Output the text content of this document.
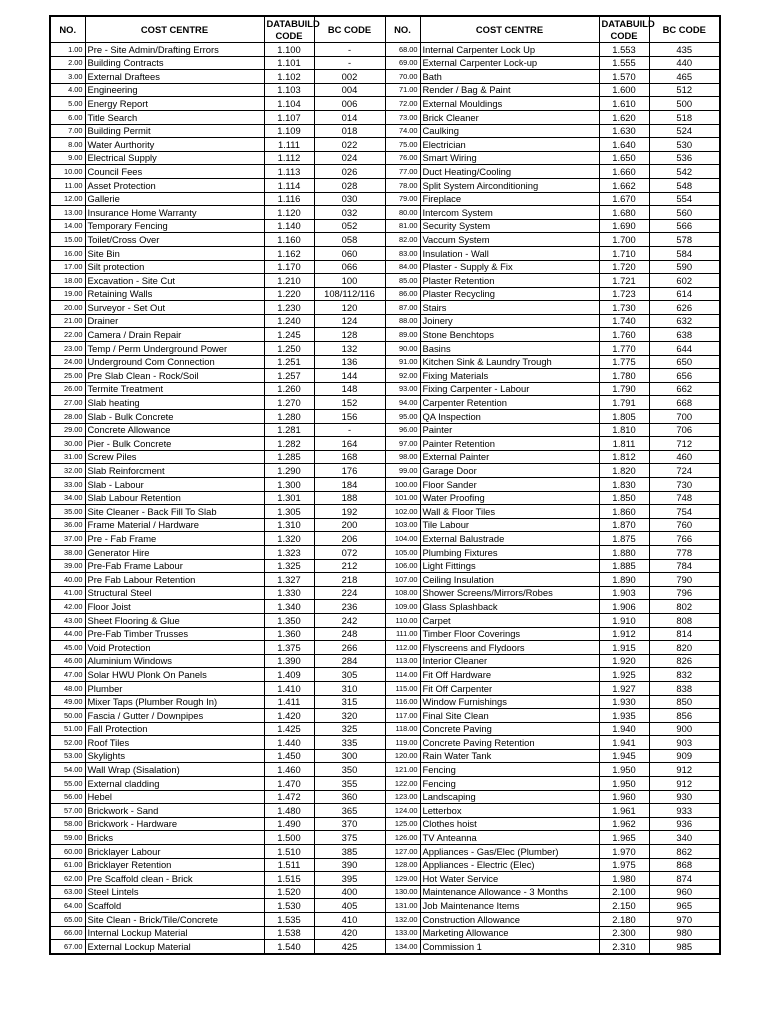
NO.	COST CENTRE	DATABUILD CODE	BC CODE	NO.	COST CENTRE	DATABUILD CODE	BC CODE
1.00	Pre - Site Admin/Drafting Errors	1.100	-	68.00	Internal Carpenter Lock Up	1.553	435
2.00	Building Contracts	1.101	-	69.00	External Carpenter Lock-up	1.555	440
3.00	External Draftees	1.102	002	70.00	Bath	1.570	465
4.00	Engineering	1.103	004	71.00	Render / Bag & Paint	1.600	512
5.00	Energy Report	1.104	006	72.00	External Mouldings	1.610	500
6.00	Title Search	1.107	014	73.00	Brick Cleaner	1.620	518
7.00	Building Permit	1.109	018	74.00	Caulking	1.630	524
8.00	Water Aurthority	1.111	022	75.00	Electrician	1.640	530
9.00	Electrical Supply	1.112	024	76.00	Smart Wiring	1.650	536
10.00	Council Fees	1.113	026	77.00	Duct Heating/Cooling	1.660	542
11.00	Asset Protection	1.114	028	78.00	Split System Airconditioning	1.662	548
12.00	Gallerie	1.116	030	79.00	Fireplace	1.670	554
13.00	Insurance Home Warranty	1.120	032	80.00	Intercom System	1.680	560
14.00	Temporary Fencing	1.140	052	81.00	Security System	1.690	566
15.00	Toilet/Cross Over	1.160	058	82.00	Vaccum System	1.700	578
16.00	Site Bin	1.162	060	83.00	Insulation - Wall	1.710	584
17.00	Silt protection	1.170	066	84.00	Plaster - Supply & Fix	1.720	590
18.00	Excavation - Site Cut	1.210	100	85.00	Plaster Retention	1.721	602
19.00	Retaining Walls	1.220	108/112/116	86.00	Plaster Recycling	1.723	614
20.00	Surveyor - Set Out	1.230	120	87.00	Stairs	1.730	626
21.00	Drainer	1.240	124	88.00	Joinery	1.740	632
22.00	Camera / Drain Repair	1.245	128	89.00	Stone Benchtops	1.760	638
23.00	Temp / Perm Underground Power	1.250	132	90.00	Basins	1.770	644
24.00	Underground Com Connection	1.251	136	91.00	Kitchen Sink & Laundry Trough	1.775	650
25.00	Pre Slab Clean - Rock/Soil	1.257	144	92.00	Fixing Materials	1.780	656
26.00	Termite Treatment	1.260	148	93.00	Fixing Carpenter - Labour	1.790	662
27.00	Slab heating	1.270	152	94.00	Carpenter Retention	1.791	668
28.00	Slab - Bulk Concrete	1.280	156	95.00	QA Inspection	1.805	700
29.00	Concrete Allowance	1.281	-	96.00	Painter	1.810	706
30.00	Pier - Bulk Concrete	1.282	164	97.00	Painter Retention	1.811	712
31.00	Screw Piles	1.285	168	98.00	External Painter	1.812	460
32.00	Slab Reinforcment	1.290	176	99.00	Garage Door	1.820	724
33.00	Slab - Labour	1.300	184	100.00	Floor Sander	1.830	730
34.00	Slab Labour Retention	1.301	188	101.00	Water Proofing	1.850	748
35.00	Site Cleaner - Back Fill To Slab	1.305	192	102.00	Wall & Floor Tiles	1.860	754
36.00	Frame Material / Hardware	1.310	200	103.00	Tile Labour	1.870	760
37.00	Pre - Fab Frame	1.320	206	104.00	External Balustrade	1.875	766
38.00	Generator Hire	1.323	072	105.00	Plumbing Fixtures	1.880	778
39.00	Pre-Fab Frame Labour	1.325	212	106.00	Light Fittings	1.885	784
40.00	Pre Fab Labour Retention	1.327	218	107.00	Ceiling Insulation	1.890	790
41.00	Structural Steel	1.330	224	108.00	Shower Screens/Mirrors/Robes	1.903	796
42.00	Floor Joist	1.340	236	109.00	Glass Splashback	1.906	802
43.00	Sheet Flooring & Glue	1.350	242	110.00	Carpet	1.910	808
44.00	Pre-Fab Timber Trusses	1.360	248	111.00	Timber Floor Coverings	1.912	814
45.00	Void Protection	1.375	266	112.00	Flyscreens and Flydoors	1.915	820
46.00	Aluminium Windows	1.390	284	113.00	Interior Cleaner	1.920	826
47.00	Solar HWU Plonk On Panels	1.409	305	114.00	Fit Off Hardware	1.925	832
48.00	Plumber	1.410	310	115.00	Fit Off Carpenter	1.927	838
49.00	Mixer Taps (Plumber Rough In)	1.411	315	116.00	Window Furnishings	1.930	850
50.00	Fascia / Gutter / Downpipes	1.420	320	117.00	Final Site Clean	1.935	856
51.00	Fall Protection	1.425	325	118.00	Concrete Paving	1.940	900
52.00	Roof Tiles	1.440	335	119.00	Concrete Paving Retention	1.941	903
53.00	Skylights	1.450	300	120.00	Rain Water Tank	1.945	909
54.00	Wall Wrap (Sisalation)	1.460	350	121.00	Fencing	1.950	912
55.00	External cladding	1.470	355	122.00	Fencing	1.950	912
56.00	Hebel	1.472	360	123.00	Landscaping	1.960	930
57.00	Brickwork - Sand	1.480	365	124.00	Letterbox	1.961	933
58.00	Brickwork - Hardware	1.490	370	125.00	Clothes hoist	1.962	936
59.00	Bricks	1.500	375	126.00	TV Anteanna	1.965	340
60.00	Bricklayer Labour	1.510	385	127.00	Appliances - Gas/Elec (Plumber)	1.970	862
61.00	Bricklayer Retention	1.511	390	128.00	Appliances - Electric (Elec)	1.975	868
62.00	Pre Scaffold clean - Brick	1.515	395	129.00	Hot Water Service	1.980	874
63.00	Steel Lintels	1.520	400	130.00	Maintenance Allowance - 3 Months	2.100	960
64.00	Scaffold	1.530	405	131.00	Job Maintenance Items	2.150	965
65.00	Site Clean - Brick/Tile/Concrete	1.535	410	132.00	Construction Allowance	2.180	970
66.00	Internal Lockup Material	1.538	420	133.00	Marketing Allowance	2.300	980
67.00	External Lockup Material	1.540	425	134.00	Commission 1	2.310	985
